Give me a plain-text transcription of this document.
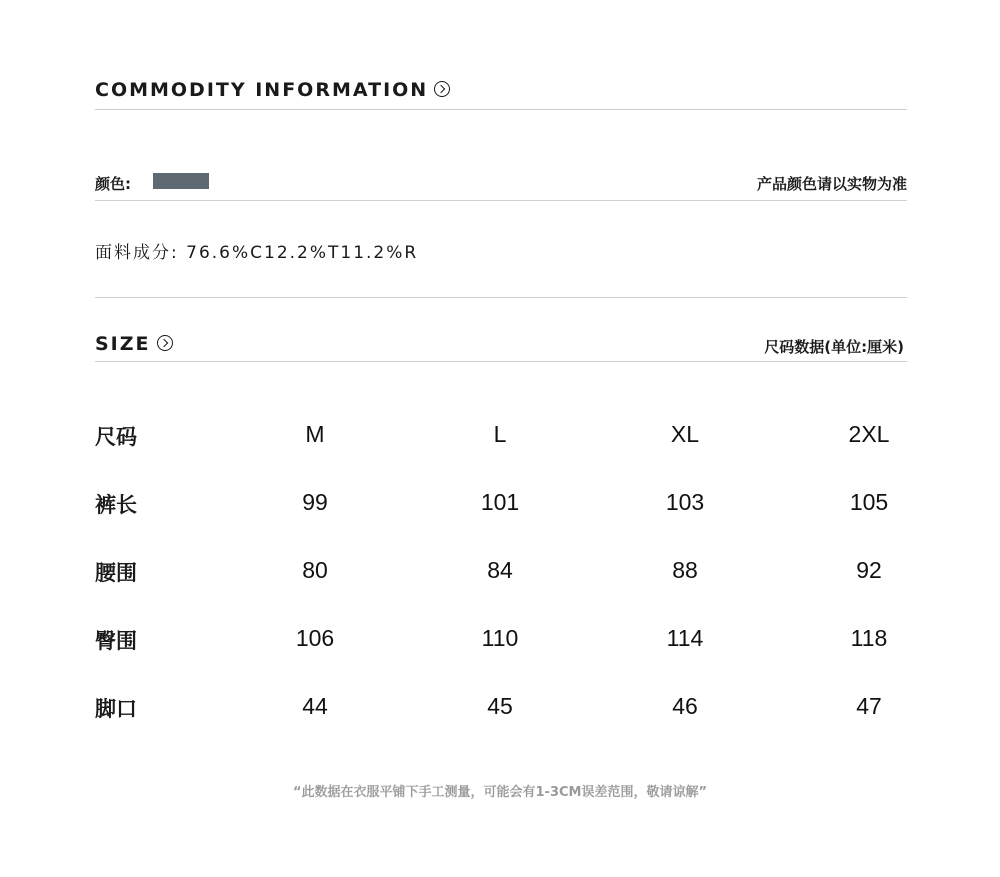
COMMODITY INFORMATION
颜色:	产品颜色请以实物为准
面料成分: 76.6%C12.2%T11.2%R
SIZE	尺码数据(单位:厘米)
尺码	M	L	XL	2XL
裤长	99	101	103	105
腰围	80	84	88	92
臀围	106	110	114	118
脚口	44	45	46	47
“此数据在衣服平铺下手工测量，可能会有1-3CM误差范围，敬请谅解”
